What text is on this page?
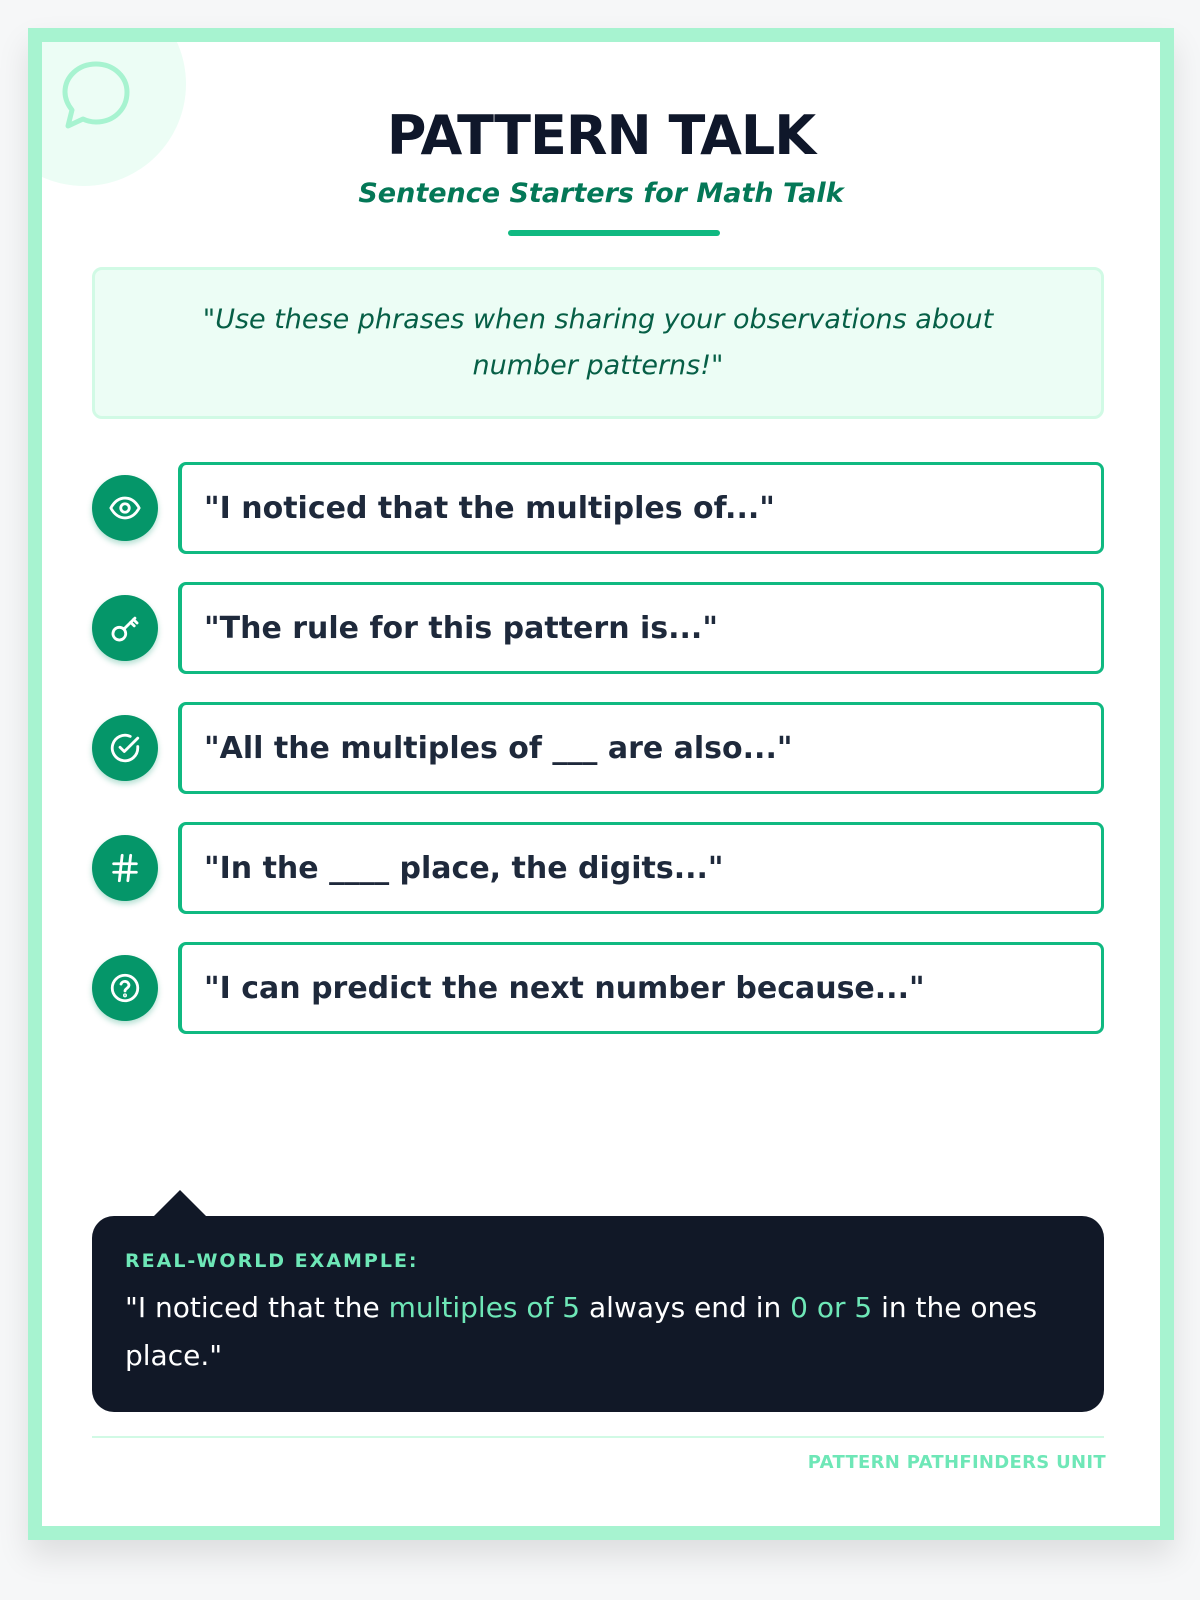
PATTERN TALK

Sentence Starters for Math Talk

"Use these phrases when sharing your observations about number patterns!"
"I noticed that the multiples of..."
"The rule for this pattern is..."
"All the multiples of ___ are also..."
"In the ____ place, the digits..."
"I can predict the next number because..."
REAL-WORLD EXAMPLE:
"I noticed that the multiples of 5 always end in 0 or 5 in the ones place."
PATTERN PATHFINDERS UNIT
